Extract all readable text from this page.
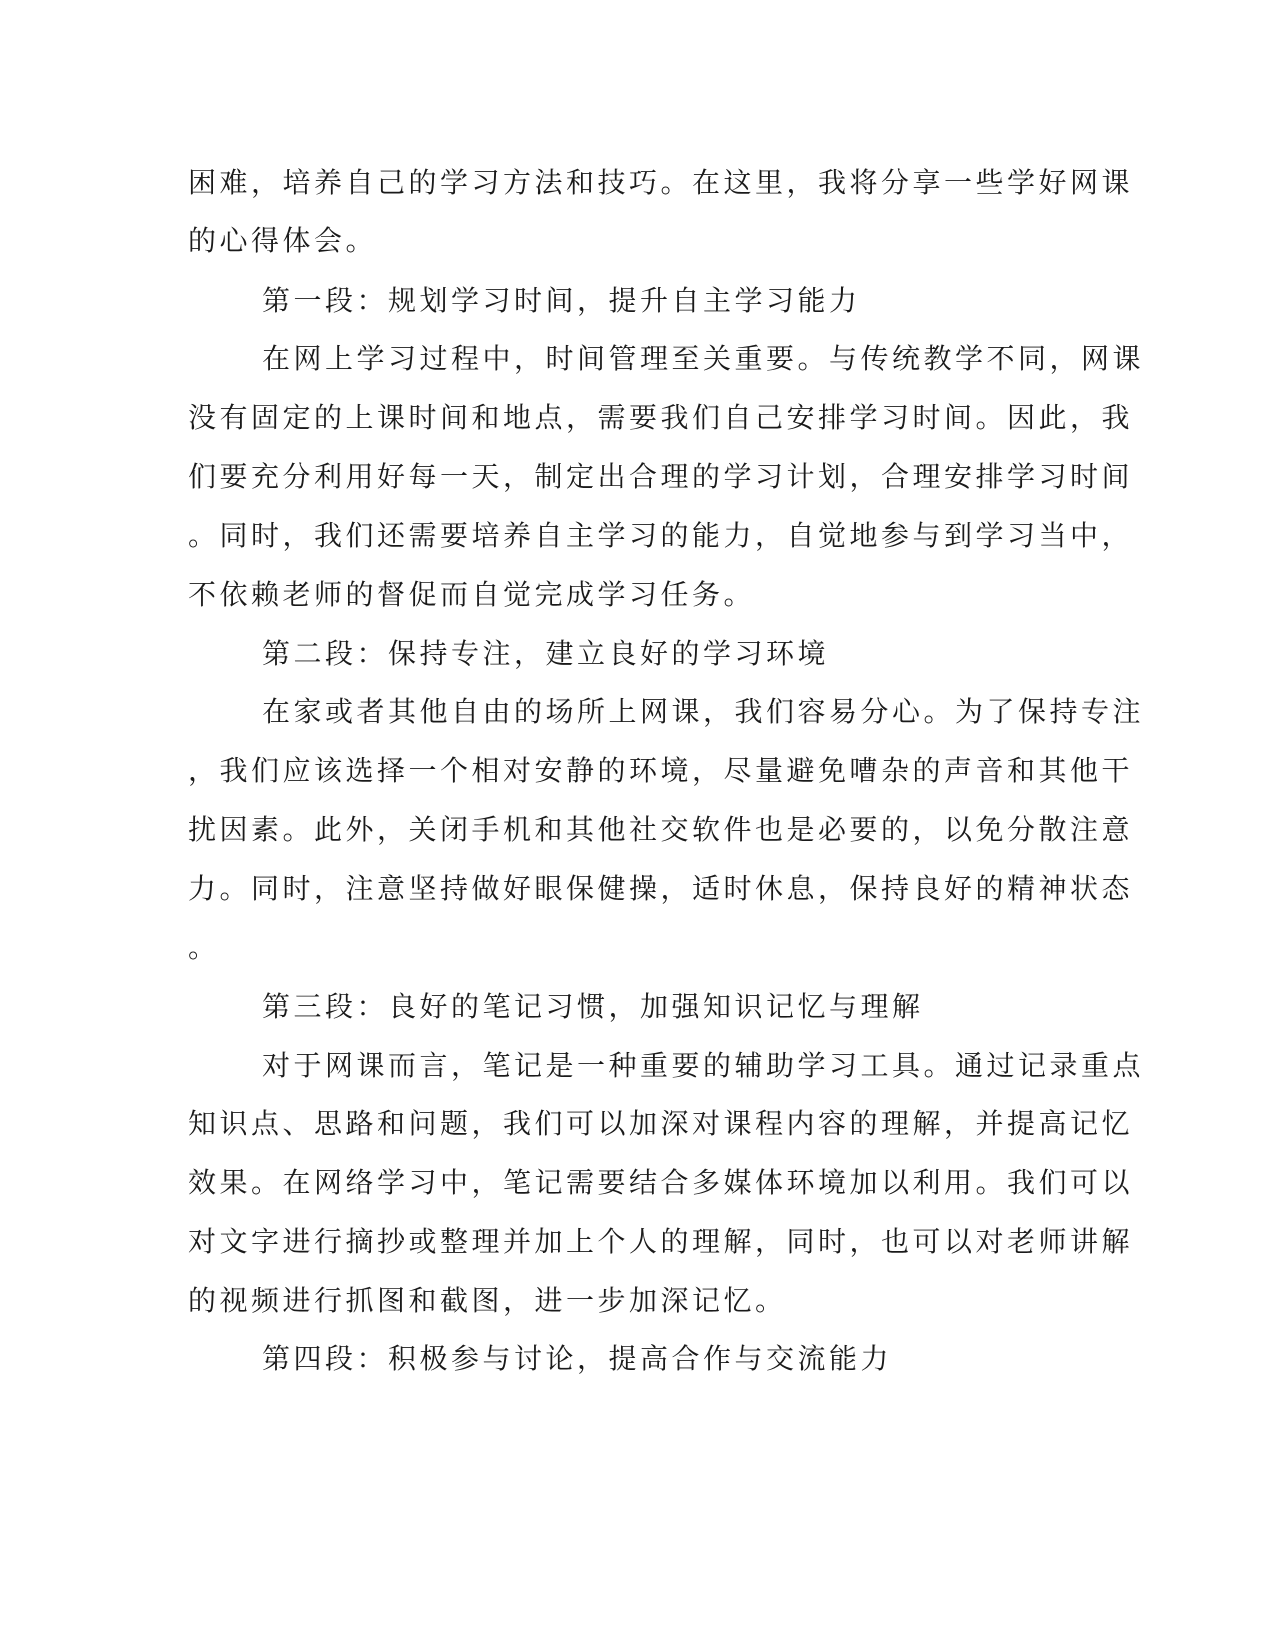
困难，培养自己的学习方法和技巧。在这里，我将分享一些学好网课
的心得体会。
第一段：规划学习时间，提升自主学习能力
在网上学习过程中，时间管理至关重要。与传统教学不同，网课
没有固定的上课时间和地点，需要我们自己安排学习时间。因此，我
们要充分利用好每一天，制定出合理的学习计划，合理安排学习时间
。同时，我们还需要培养自主学习的能力，自觉地参与到学习当中，
不依赖老师的督促而自觉完成学习任务。
第二段：保持专注，建立良好的学习环境
在家或者其他自由的场所上网课，我们容易分心。为了保持专注
，我们应该选择一个相对安静的环境，尽量避免嘈杂的声音和其他干
扰因素。此外，关闭手机和其他社交软件也是必要的，以免分散注意
力。同时，注意坚持做好眼保健操，适时休息，保持良好的精神状态
。
第三段：良好的笔记习惯，加强知识记忆与理解
对于网课而言，笔记是一种重要的辅助学习工具。通过记录重点
知识点、思路和问题，我们可以加深对课程内容的理解，并提高记忆
效果。在网络学习中，笔记需要结合多媒体环境加以利用。我们可以
对文字进行摘抄或整理并加上个人的理解，同时，也可以对老师讲解
的视频进行抓图和截图，进一步加深记忆。
第四段：积极参与讨论，提高合作与交流能力
